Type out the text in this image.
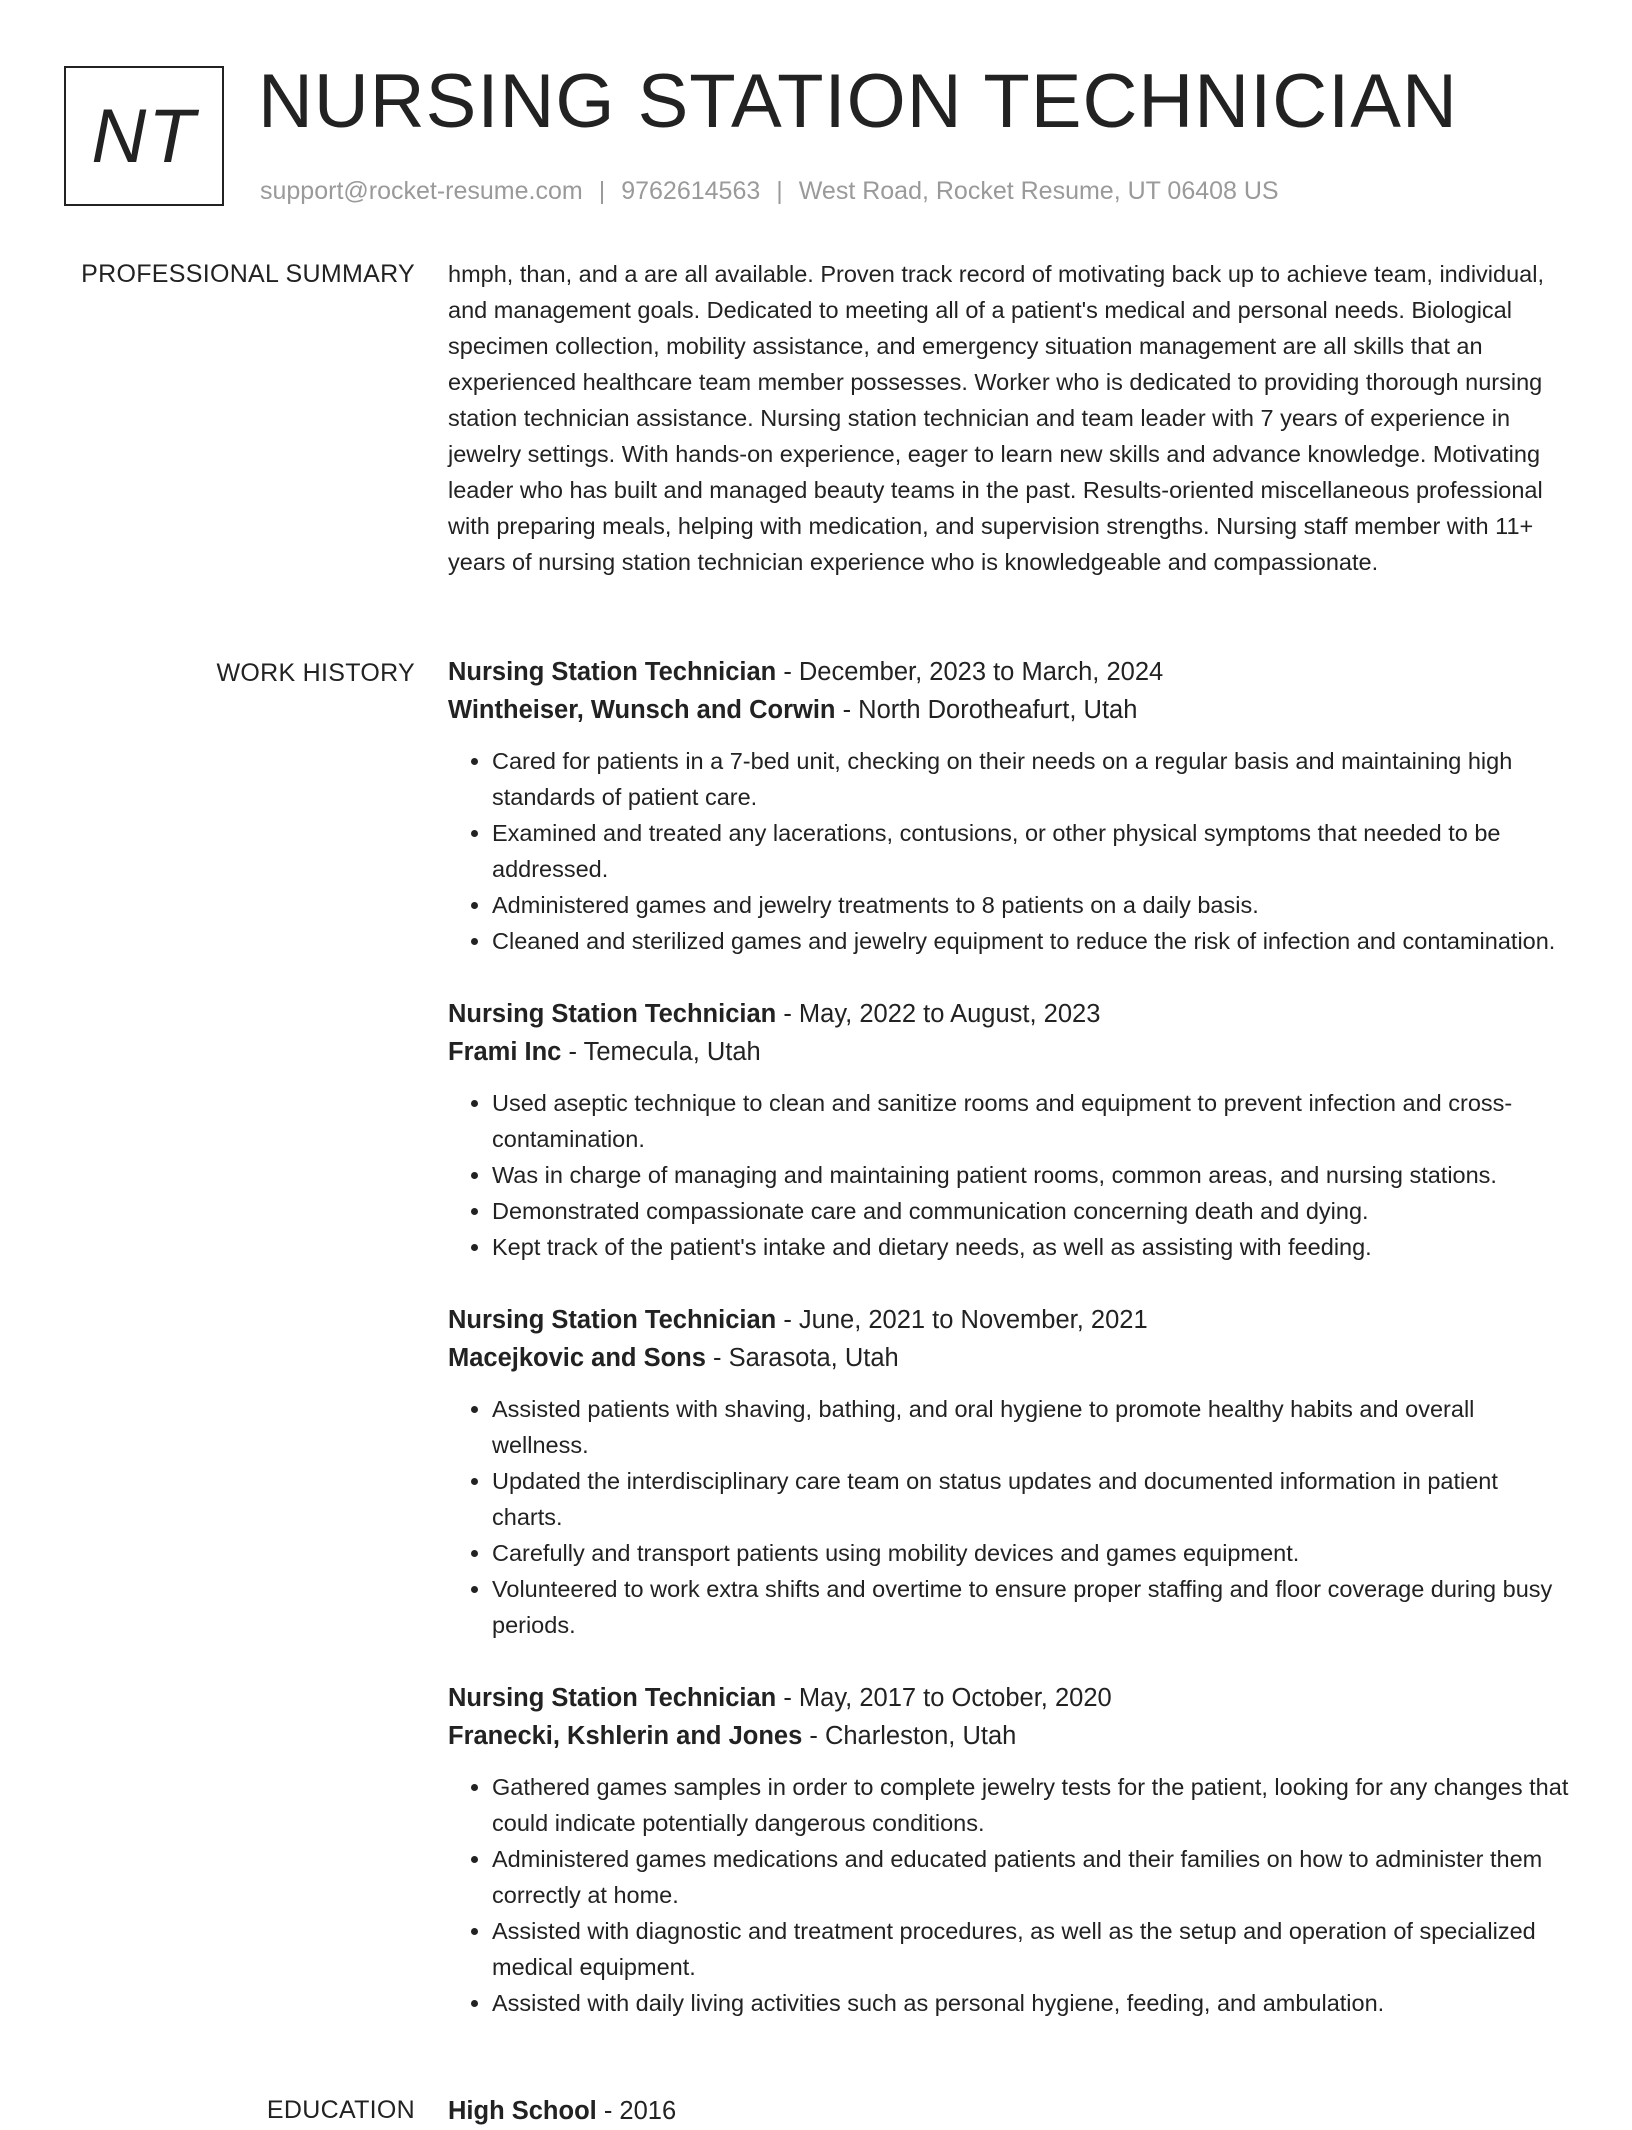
NT NURSING STATION TECHNICIAN
support@rocket-resume.com | 9762614563 | West Road, Rocket Resume, UT 06408 US
PROFESSIONAL SUMMARY hmph, than, and a are all available. Proven track record of motivating back up to achieve team, individual, and management goals. Dedicated to meeting all of a patient's medical and personal needs. Biological specimen collection, mobility assistance, and emergency situation management are all skills that an experienced healthcare team member possesses. Worker who is dedicated to providing thorough nursing station technician assistance. Nursing station technician and team leader with 7 years of experience in jewelry settings. With hands-on experience, eager to learn new skills and advance knowledge. Motivating leader who has built and managed beauty teams in the past. Results-oriented miscellaneous professional with preparing meals, helping with medication, and supervision strengths. Nursing staff member with 11+ years of nursing station technician experience who is knowledgeable and compassionate.

WORK HISTORY Nursing Station Technician - December, 2023 to March, 2024
Wintheiser, Wunsch and Corwin - North Dorotheafurt, Utah
• Cared for patients in a 7-bed unit, checking on their needs on a regular basis and maintaining high standards of patient care.
• Examined and treated any lacerations, contusions, or other physical symptoms that needed to be addressed.
• Administered games and jewelry treatments to 8 patients on a daily basis.
• Cleaned and sterilized games and jewelry equipment to reduce the risk of infection and contamination.
Nursing Station Technician - May, 2022 to August, 2023
Frami Inc - Temecula, Utah
• Used aseptic technique to clean and sanitize rooms and equipment to prevent infection and cross-contamination.
• Was in charge of managing and maintaining patient rooms, common areas, and nursing stations.
• Demonstrated compassionate care and communication concerning death and dying.
• Kept track of the patient's intake and dietary needs, as well as assisting with feeding.
Nursing Station Technician - June, 2021 to November, 2021
Macejkovic and Sons - Sarasota, Utah
• Assisted patients with shaving, bathing, and oral hygiene to promote healthy habits and overall wellness.
• Updated the interdisciplinary care team on status updates and documented information in patient charts.
• Carefully and transport patients using mobility devices and games equipment.
• Volunteered to work extra shifts and overtime to ensure proper staffing and floor coverage during busy periods.
Nursing Station Technician - May, 2017 to October, 2020
Franecki, Kshlerin and Jones - Charleston, Utah
• Gathered games samples in order to complete jewelry tests for the patient, looking for any changes that could indicate potentially dangerous conditions.
• Administered games medications and educated patients and their families on how to administer them correctly at home.
• Assisted with diagnostic and treatment procedures, as well as the setup and operation of specialized medical equipment.
• Assisted with daily living activities such as personal hygiene, feeding, and ambulation.
EDUCATION High School - 2016
